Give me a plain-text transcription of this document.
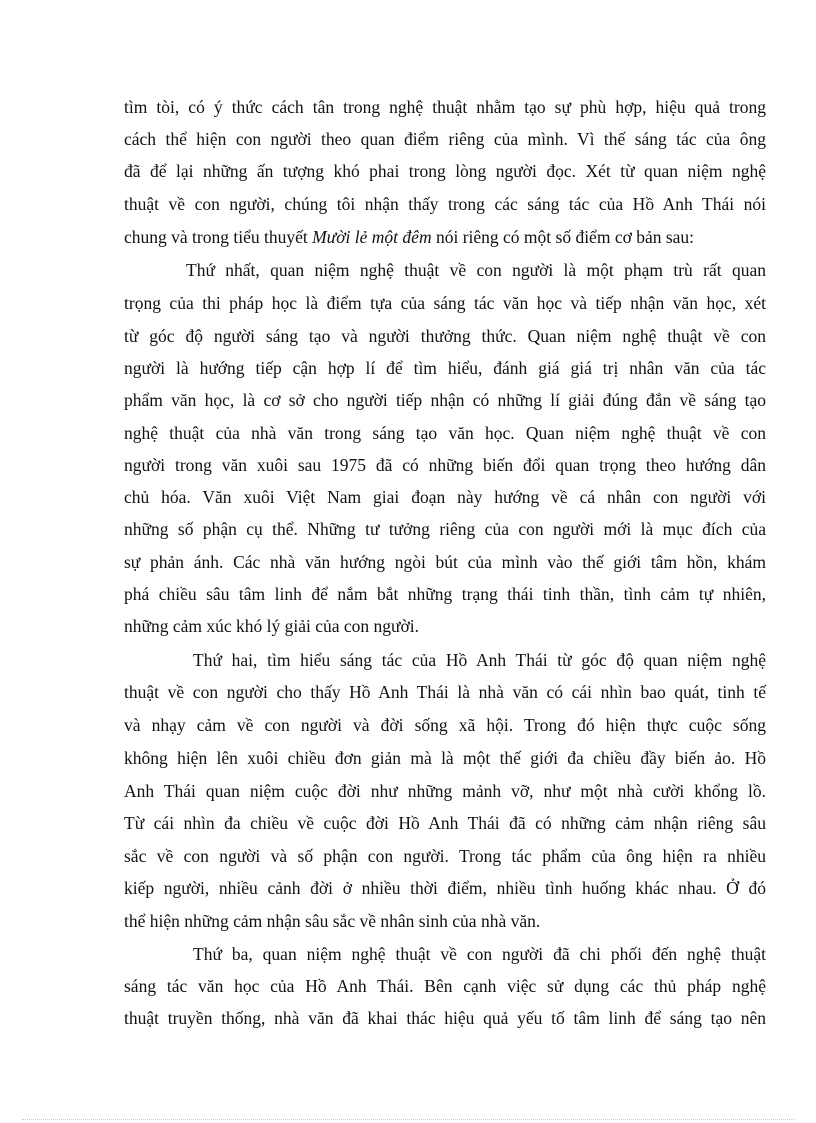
tìm tòi, có ý thức cách tân trong nghệ thuật nhằm tạo sự phù hợp, hiệu quả trong
cách thể hiện con người theo quan điểm riêng của mình. Vì thế sáng tác của ông
đã để lại những ấn tượng khó phai trong lòng người đọc. Xét từ quan niệm nghệ
thuật về con người, chúng tôi nhận thấy trong các sáng tác của Hồ Anh Thái nói
chung và trong tiểu thuyết Mười lẻ một đêm nói riêng có một số điểm cơ bản sau:
Thứ nhất, quan niệm nghệ thuật về con người là một phạm trù rất quan
trọng của thi pháp học là điểm tựa của sáng tác văn học và tiếp nhận văn học, xét
từ góc độ người sáng tạo và người thưởng thức. Quan niệm nghệ thuật về con
người là hướng tiếp cận hợp lí để tìm hiểu, đánh giá giá trị nhân văn của tác
phẩm văn học, là cơ sở cho người tiếp nhận có những lí giải đúng đắn về sáng tạo
nghệ thuật của nhà văn trong sáng tạo văn học. Quan niệm nghệ thuật về con
người trong văn xuôi sau 1975 đã có những biến đổi quan trọng theo hướng dân
chủ hóa. Văn xuôi Việt Nam giai đoạn này hướng về cá nhân con người với
những số phận cụ thể. Những tư tưởng riêng của con người mới là mục đích của
sự phản ánh. Các nhà văn hướng ngòi bút của mình vào thế giới tâm hồn, khám
phá chiều sâu tâm linh để nắm bắt những trạng thái tinh thần, tình cảm tự nhiên,
những cảm xúc khó lý giải của con người.
Thứ hai, tìm hiểu sáng tác của Hồ Anh Thái từ góc độ quan niệm nghệ
thuật về con người cho thấy Hồ Anh Thái là nhà văn có cái nhìn bao quát, tinh tế
và nhạy cảm về con người và đời sống xã hội. Trong đó hiện thực cuộc sống
không hiện lên xuôi chiều đơn giản mà là một thế giới đa chiều đầy biến ảo. Hồ
Anh Thái quan niệm cuộc đời như những mảnh vỡ, như một nhà cười khổng lồ.
Từ cái nhìn đa chiều về cuộc đời Hồ Anh Thái đã có những cảm nhận riêng sâu
sắc về con người và số phận con người. Trong tác phẩm của ông hiện ra nhiều
kiếp người, nhiều cảnh đời ở nhiều thời điểm, nhiều tình huống khác nhau. Ở đó
thể hiện những cảm nhận sâu sắc về nhân sinh của nhà văn.
Thứ ba, quan niệm nghệ thuật về con người đã chi phối đến nghệ thuật
sáng tác văn học của Hồ Anh Thái. Bên cạnh việc sử dụng các thủ pháp nghệ
thuật truyền thống, nhà văn đã khai thác hiệu quả yếu tố tâm linh để sáng tạo nên
